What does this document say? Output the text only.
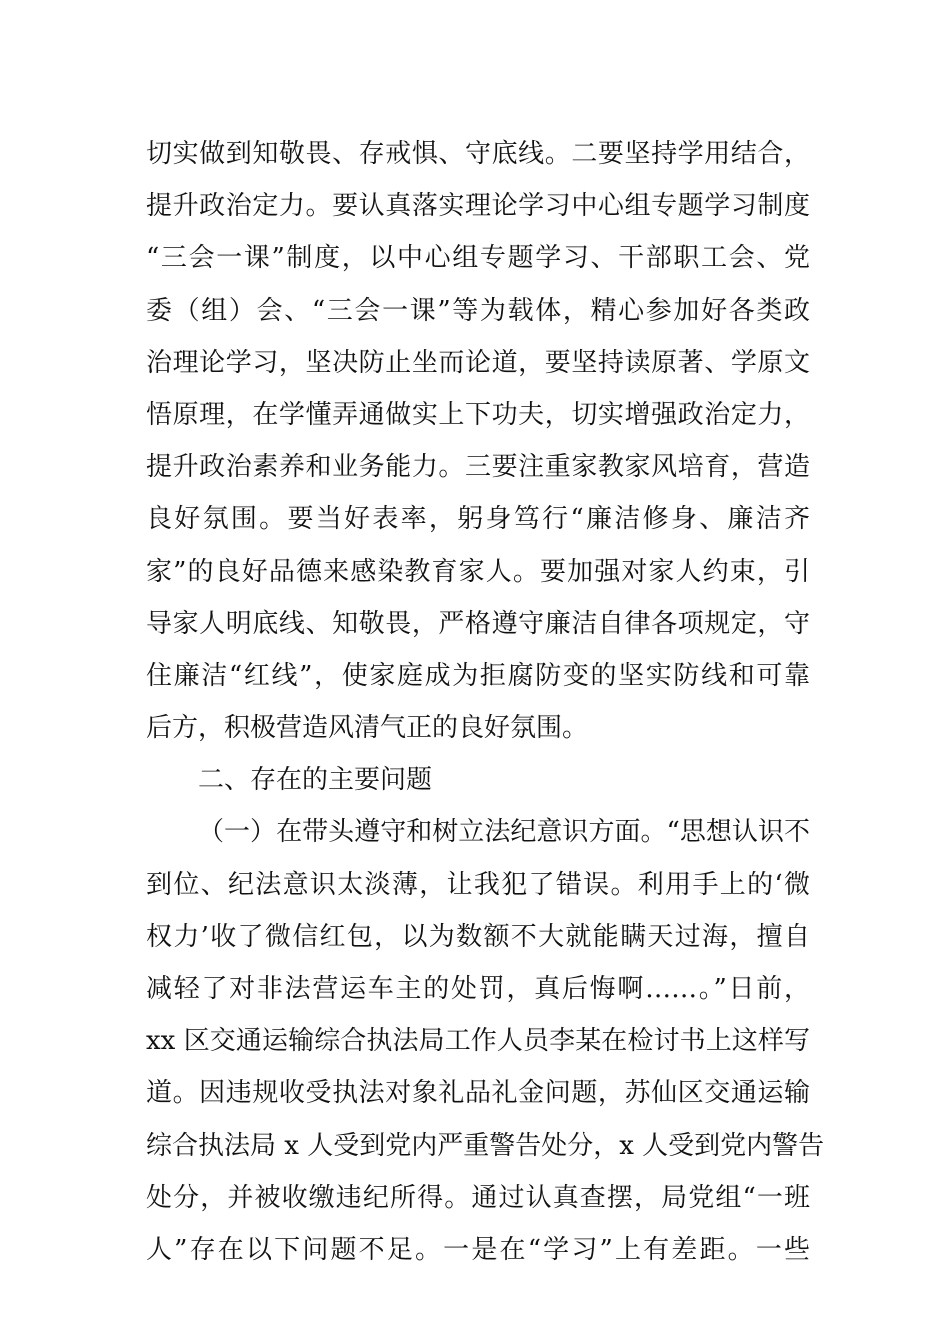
切实做到知敬畏、存戒惧、守底线。二要坚持学用结合，
提升政治定力。要认真落实理论学习中心组专题学习制度
“三会一课”制度，以中心组专题学习、干部职工会、党
委（组）会、“三会一课”等为载体，精心参加好各类政
治理论学习，坚决防止坐而论道，要坚持读原著、学原文
悟原理，在学懂弄通做实上下功夫，切实增强政治定力，
提升政治素养和业务能力。三要注重家教家风培育，营造
良好氛围。要当好表率，躬身笃行“廉洁修身、廉洁齐
家”的良好品德来感染教育家人。要加强对家人约束，引
导家人明底线、知敬畏，严格遵守廉洁自律各项规定，守
住廉洁“红线”，使家庭成为拒腐防变的坚实防线和可靠
后方，积极营造风清气正的良好氛围。
二、存在的主要问题
（一）在带头遵守和树立法纪意识方面。“思想认识不
到位、纪法意识太淡薄，让我犯了错误。利用手上的‘微
权力’收了微信红包，以为数额不大就能瞒天过海，擅自
减轻了对非法营运车主的处罚，真后悔啊……。”日前，
xx 区交通运输综合执法局工作人员李某在检讨书上这样写
道。因违规收受执法对象礼品礼金问题，苏仙区交通运输
综合执法局 x 人受到党内严重警告处分，x 人受到党内警告
处分，并被收缴违纪所得。通过认真查摆，局党组“一班
人”存在以下问题不足。一是在“学习”上有差距。一些
